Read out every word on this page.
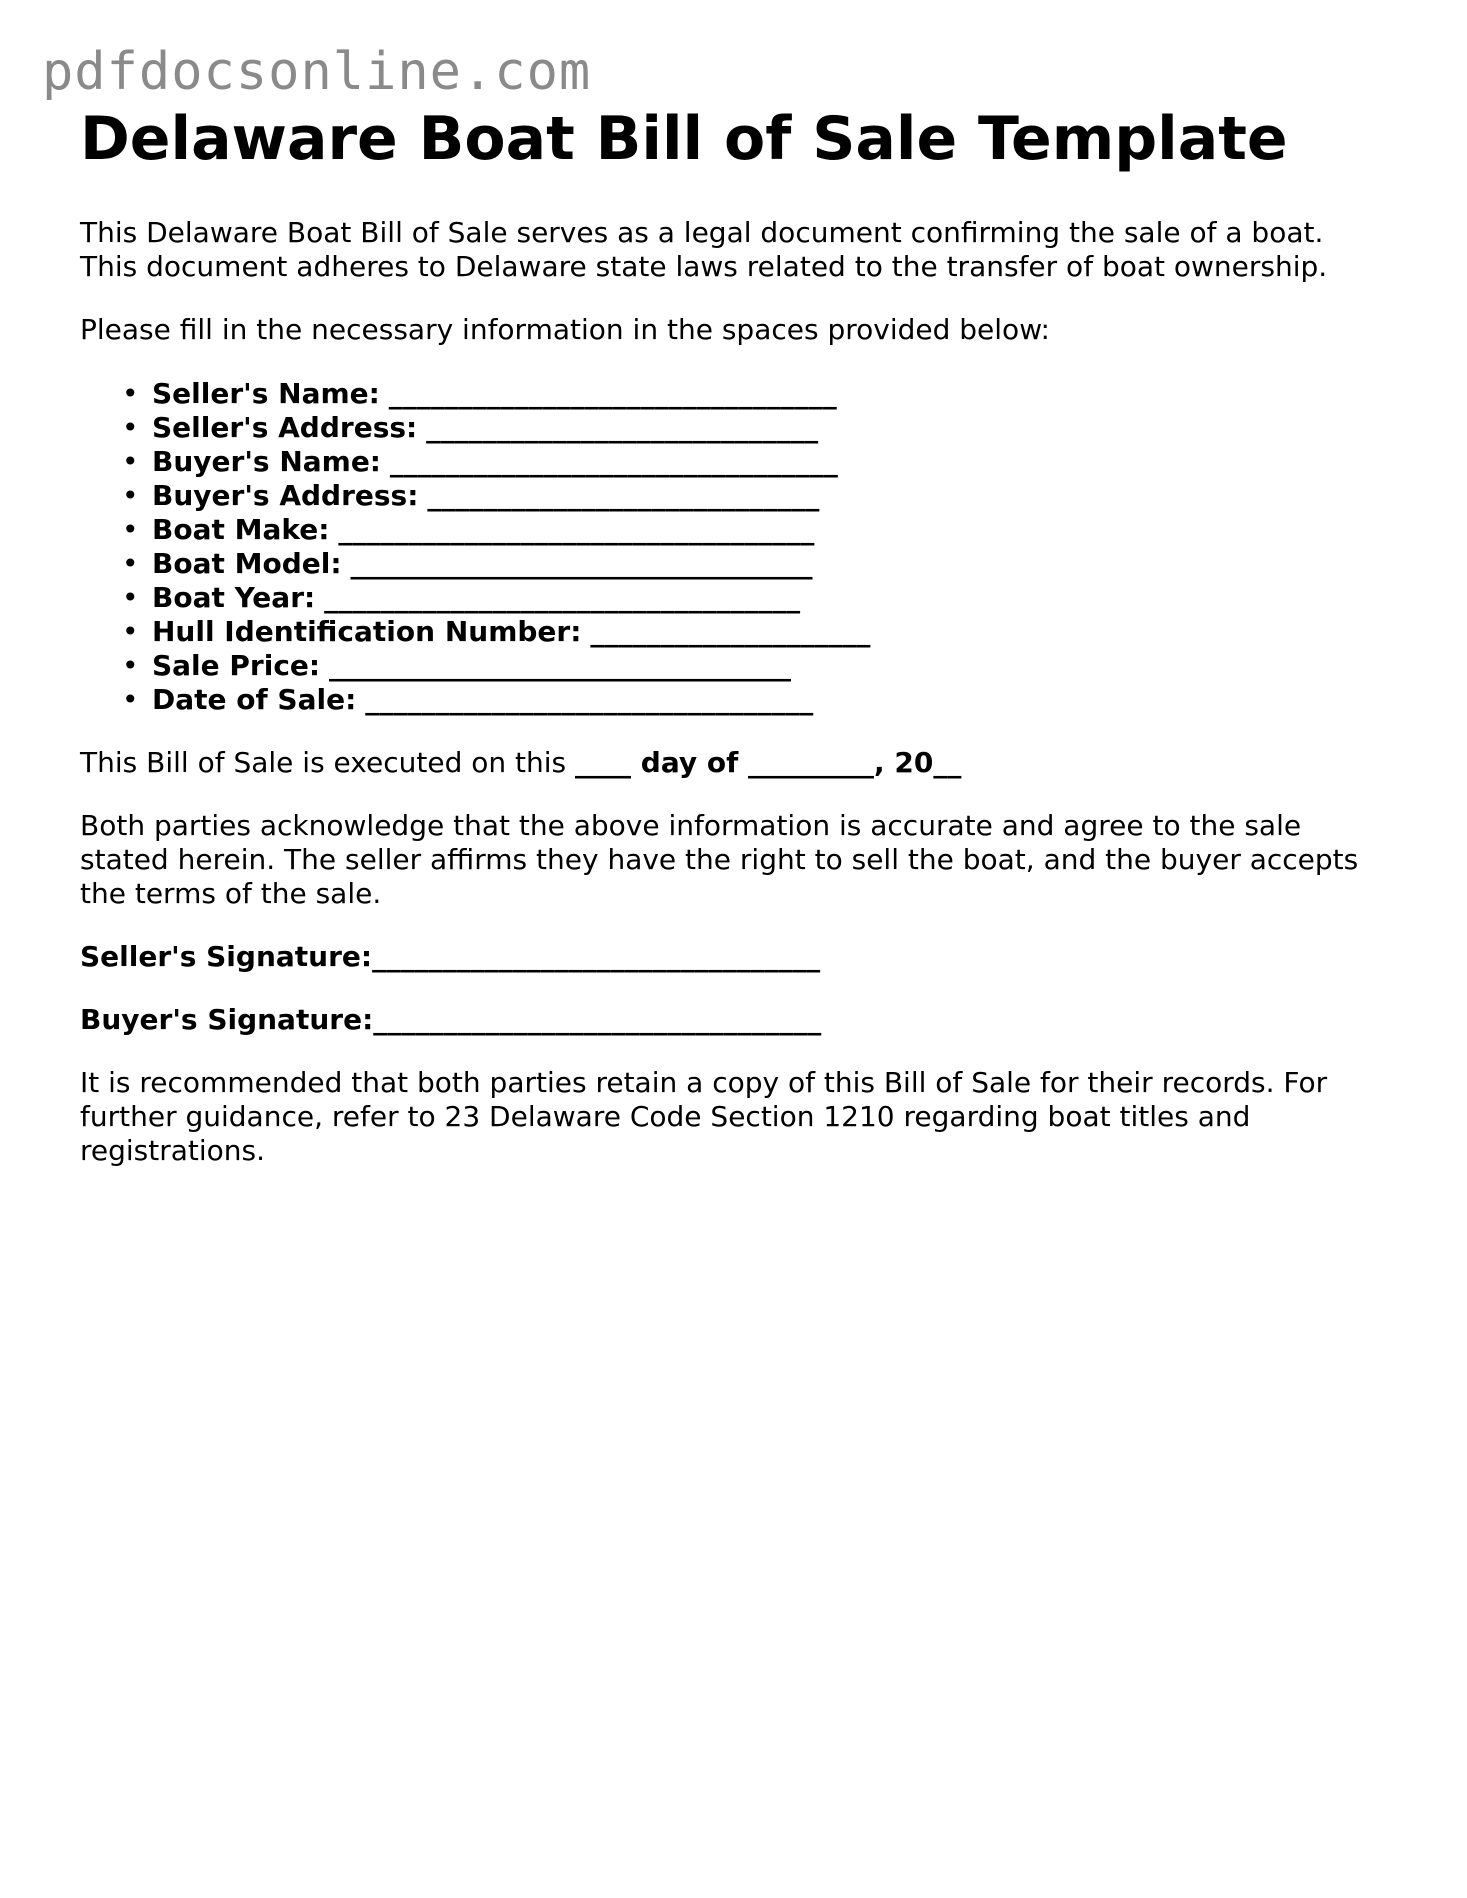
pdfdocsonline.com
Delaware Boat Bill of Sale Template

This Delaware Boat Bill of Sale serves as a legal document confirming the sale of a boat.
This document adheres to Delaware state laws related to the transfer of boat ownership.

Please fill in the necessary information in the spaces provided below:

• Seller's Name: ________________________________
• Seller's Address: ____________________________
• Buyer's Name: ________________________________
• Buyer's Address: ____________________________
• Boat Make: __________________________________
• Boat Model: _________________________________
• Boat Year: __________________________________
• Hull Identification Number: ____________________
• Sale Price: _________________________________
• Date of Sale: ________________________________

This Bill of Sale is executed on this ____ day of _________, 20__

Both parties acknowledge that the above information is accurate and agree to the sale
stated herein. The seller affirms they have the right to sell the boat, and the buyer accepts
the terms of the sale.

Seller's Signature:________________________________

Buyer's Signature:________________________________

It is recommended that both parties retain a copy of this Bill of Sale for their records. For
further guidance, refer to 23 Delaware Code Section 1210 regarding boat titles and
registrations.
